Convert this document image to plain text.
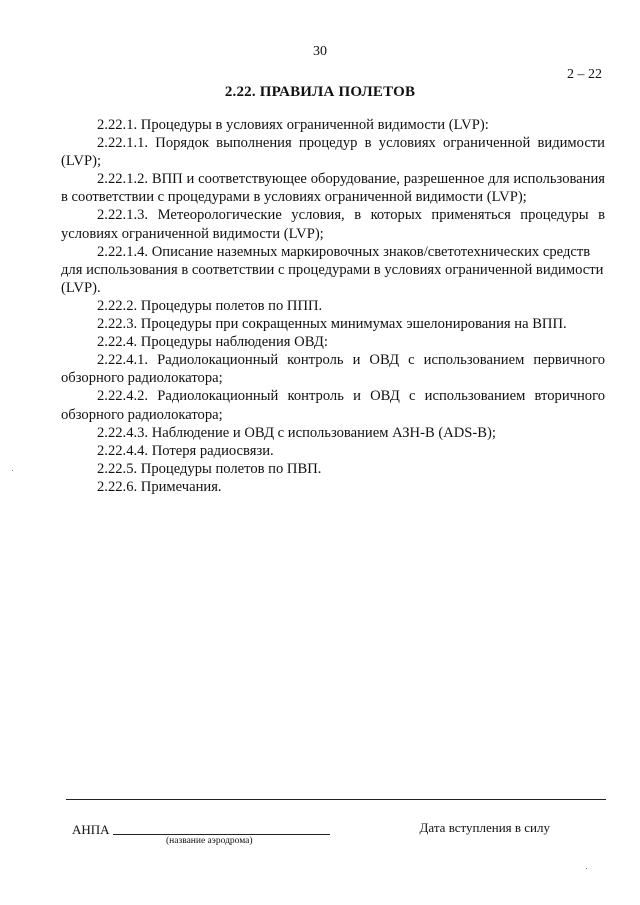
30
2 – 22
2.22. ПРАВИЛА ПОЛЕТОВ

2.22.1. Процедуры в условиях ограниченной видимости (LVP):

2.22.1.1. Порядок выполнения процедур в условиях ограниченной видимости (LVP);

2.22.1.2. ВПП и соответствующее оборудование, разрешенное для использования в соответствии с процедурами в условиях ограниченной видимости (LVP);

2.22.1.3. Метеорологические условия, в которых применяться процедуры в условиях ограниченной видимости (LVP);

2.22.1.4. Описание наземных маркировочных знаков/светотехнических средств для использования в соответствии с процедурами в условиях ограниченной видимости (LVP).

2.22.2. Процедуры полетов по ППП.

2.22.3. Процедуры при сокращенных минимумах эшелонирования на ВПП.

2.22.4. Процедуры наблюдения ОВД:

2.22.4.1. Радиолокационный контроль и ОВД с использованием первичного обзорного радиолокатора;

2.22.4.2. Радиолокационный контроль и ОВД с использованием вторичного обзорного радиолокатора;

2.22.4.3. Наблюдение и ОВД с использованием АЗН-В (ADS-B);

2.22.4.4. Потеря радиосвязи.

2.22.5. Процедуры полетов по ПВП.

2.22.6. Примечания.

АНПА
(название аэродрома)
Дата вступления в силу
